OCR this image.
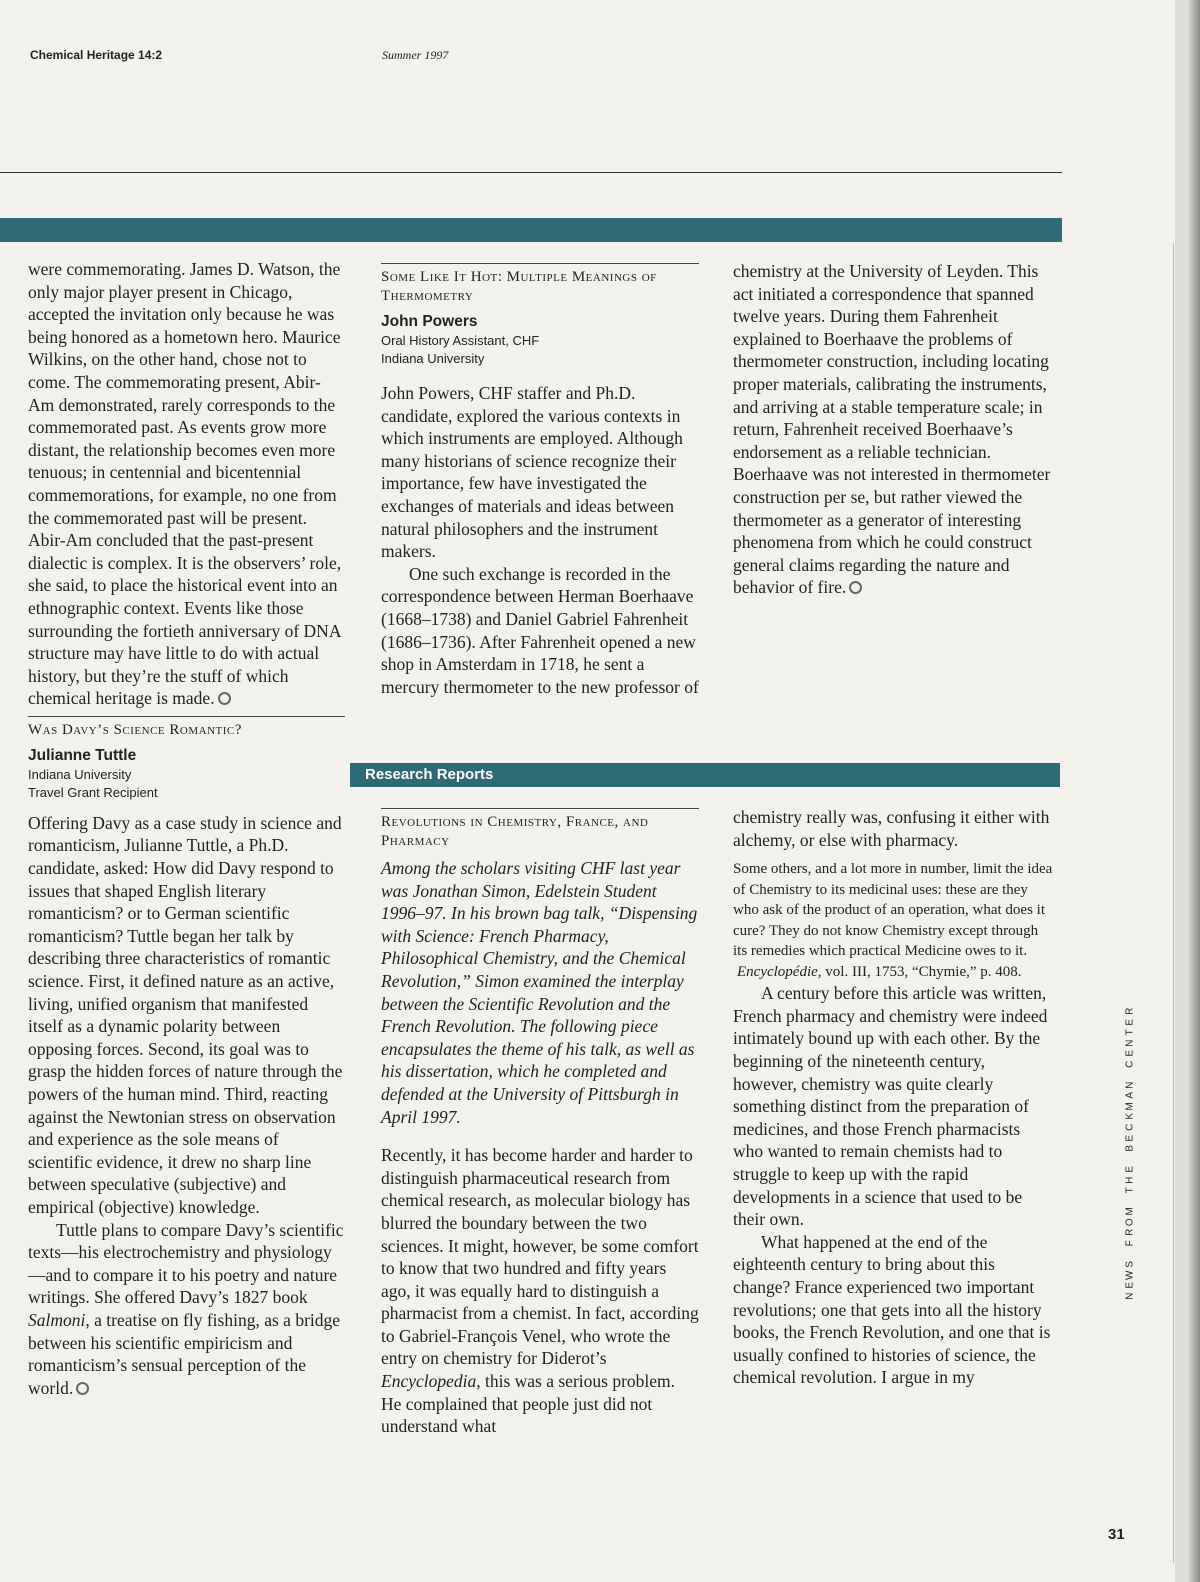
Chemical Heritage 14:2	Summer 1997

were commemorating. James D. Watson, the only major player present in Chicago, accepted the invitation only because he was being honored as a hometown hero. Maurice Wilkins, on the other hand, chose not to come. The commemorating present, Abir-Am demonstrated, rarely corresponds to the commemorated past. As events grow more distant, the relationship becomes even more tenuous; in centennial and bicentennial commemorations, for example, no one from the commemorated past will be present. Abir-Am concluded that the past-present dialectic is complex. It is the observers’ role, she said, to place the historical event into an ethnographic context. Events like those surrounding the fortieth anniversary of DNA structure may have little to do with actual history, but they’re the stuff of which chemical heritage is made.

Was Davy’s Science Romantic?
Julianne Tuttle
Indiana University
Travel Grant Recipient

Offering Davy as a case study in science and romanticism, Julianne Tuttle, a Ph.D. candidate, asked: How did Davy respond to issues that shaped English literary romanticism? or to German scientific romanticism? Tuttle began her talk by describing three characteristics of romantic science. First, it defined nature as an active, living, unified organism that manifested itself as a dynamic polarity between opposing forces. Second, its goal was to grasp the hidden forces of nature through the powers of the human mind. Third, reacting against the Newtonian stress on observation and experience as the sole means of scientific evidence, it drew no sharp line between speculative (subjective) and empirical (objective) knowledge.

Tuttle plans to compare Davy’s scientific texts—his electrochemistry and physiology—and to compare it to his poetry and nature writings. She offered Davy’s 1827 book Salmoni, a treatise on fly fishing, as a bridge between his scientific empiricism and romanticism’s sensual perception of the world.

Some Like It Hot: Multiple Meanings of Thermometry
John Powers
Oral History Assistant, CHF
Indiana University

John Powers, CHF staffer and Ph.D. candidate, explored the various contexts in which instruments are employed. Although many historians of science recognize their importance, few have investigated the exchanges of materials and ideas between natural philosophers and the instrument makers.

One such exchange is recorded in the correspondence between Herman Boerhaave (1668–1738) and Daniel Gabriel Fahrenheit (1686–1736). After Fahrenheit opened a new shop in Amsterdam in 1718, he sent a mercury thermometer to the new professor of

chemistry at the University of Leyden. This act initiated a correspondence that spanned twelve years. During them Fahrenheit explained to Boerhaave the problems of thermometer construction, including locating proper materials, calibrating the instruments, and arriving at a stable temperature scale; in return, Fahrenheit received Boerhaave’s endorsement as a reliable technician. Boerhaave was not interested in thermometer construction per se, but rather viewed the thermometer as a generator of interesting phenomena from which he could construct general claims regarding the nature and behavior of fire.

Research Reports
Revolutions in Chemistry, France, and Pharmacy

Among the scholars visiting CHF last year was Jonathan Simon, Edelstein Student 1996–97. In his brown bag talk, “Dispensing with Science: French Pharmacy, Philosophical Chemistry, and the Chemical Revolution,” Simon examined the interplay between the Scientific Revolution and the French Revolution. The following piece encapsulates the theme of his talk, as well as his dissertation, which he completed and defended at the University of Pittsburgh in April 1997.

Recently, it has become harder and harder to distinguish pharmaceutical research from chemical research, as molecular biology has blurred the boundary between the two sciences. It might, however, be some comfort to know that two hundred and fifty years ago, it was equally hard to distinguish a pharmacist from a chemist. In fact, according to Gabriel-François Venel, who wrote the entry on chemistry for Diderot’s Encyclopedia, this was a serious problem. He complained that people just did not understand what

chemistry really was, confusing it either with alchemy, or else with pharmacy.

Some others, and a lot more in number, limit the idea of Chemistry to its medicinal uses: these are they who ask of the product of an operation, what does it cure? They do not know Chemistry except through its remedies which practical Medicine owes to it.

Encyclopédie, vol. III, 1753, “Chymie,” p. 408.

A century before this article was written, French pharmacy and chemistry were indeed intimately bound up with each other. By the beginning of the nineteenth century, however, chemistry was quite clearly something distinct from the preparation of medicines, and those French pharmacists who wanted to remain chemists had to struggle to keep up with the rapid developments in a science that used to be their own.

What happened at the end of the eighteenth century to bring about this change? France experienced two important revolutions; one that gets into all the history books, the French Revolution, and one that is usually confined to histories of science, the chemical revolution. I argue in my

R
E
T
N
E
C

N
A
M
K
C
E
B

E
H
T

M
O
R
F

S
W
E
N
31
